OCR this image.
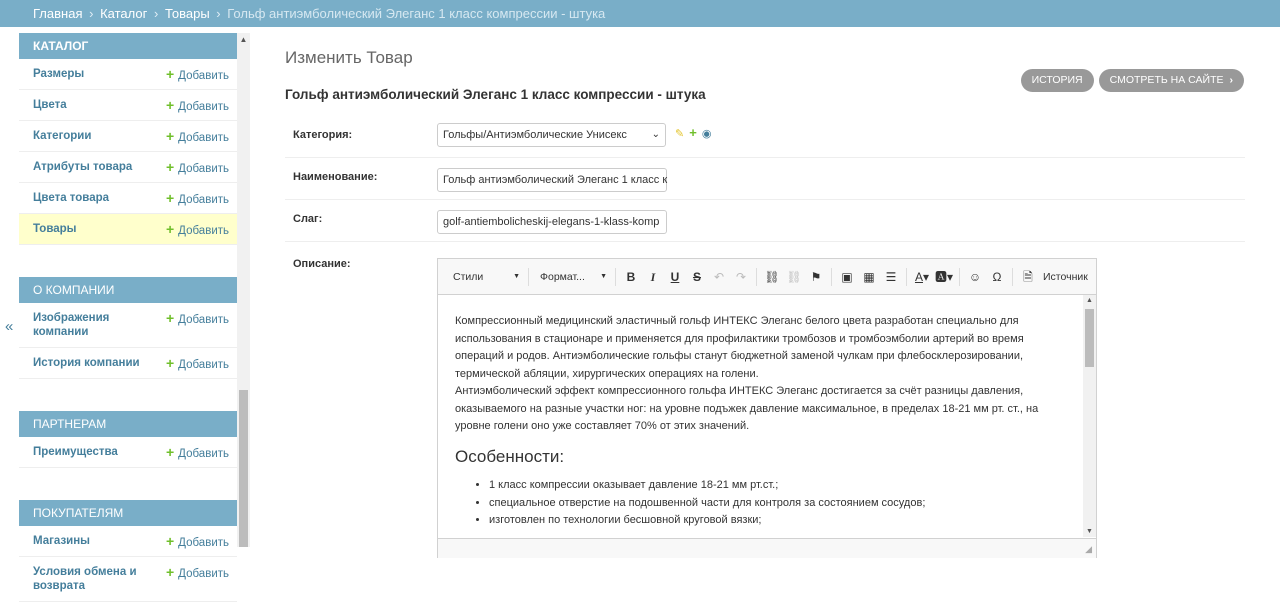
Главная › Каталог › Товары › Гольф антиэмболический Элеганс 1 класс компрессии - штука
КАТАЛОГ
Размеры	+ Добавить
Цвета	+ Добавить
Категории	+ Добавить
Атрибуты товара + Добавить
Цвета товара	+ Добавить
Товары	+ Добавить
О КОМПАНИИ
Изображения компании
+ Добавить
История компании + Добавить
ПАРТНЕРАМ
Преимущества	+ Добавить
ПОКУПАТЕЛЯМ
Магазины	+ Добавить
Условия обмена и возврата
+ Добавить
▲
«
Изменить Товар
ИСТОРИЯ	СМОТРЕТЬ НА САЙТЕ ›
Гольф антиэмболический Элеганс 1 класс компрессии - штука
Категория:	Гольфы/Антиэмболические Унисекс ⌄ ✎ + ◉
Наименование:	Гольф антиэмболический Элеганс 1 класс к
Слаг:	golf-antiembolicheskij-elegans-1-klass-komp
Описание:
Стили	▼	Формат... ▼	B	I	U	S	↶ ↷	⛓ ⛓ ⚑	▣ ▦ ☰	A▾ 🅰▾	☺ Ω	🗎 Источник

Компрессионный медицинский эластичный гольф ИНТЕКС Элеганс белого цвета разработан специально для использования в стационаре и применяется для профилактики тромбозов и тромбоэмболии артерий во время операций и родов. Антиэмболические гольфы станут бюджетной заменой чулкам при флебосклерозировании, термической абляции, хирургических операциях на голени.

Антиэмболический эффект компрессионного гольфа ИНТЕКС Элеганс достигается за счёт разницы давления, оказываемого на разные участки ног: на уровне подъжек давление максимальное, в пределах 18-21 мм рт. ст., на уровне голени оно уже составляет 70% от этих значений.

Особенности:
• 1 класс компрессии оказывает давление 18-21 мм рт.ст.;
• специальное отверстие на подошвенной части для контроля за состоянием сосудов;
• изготовлен по технологии бесшовной круговой вязки;
▲
▼
◢
